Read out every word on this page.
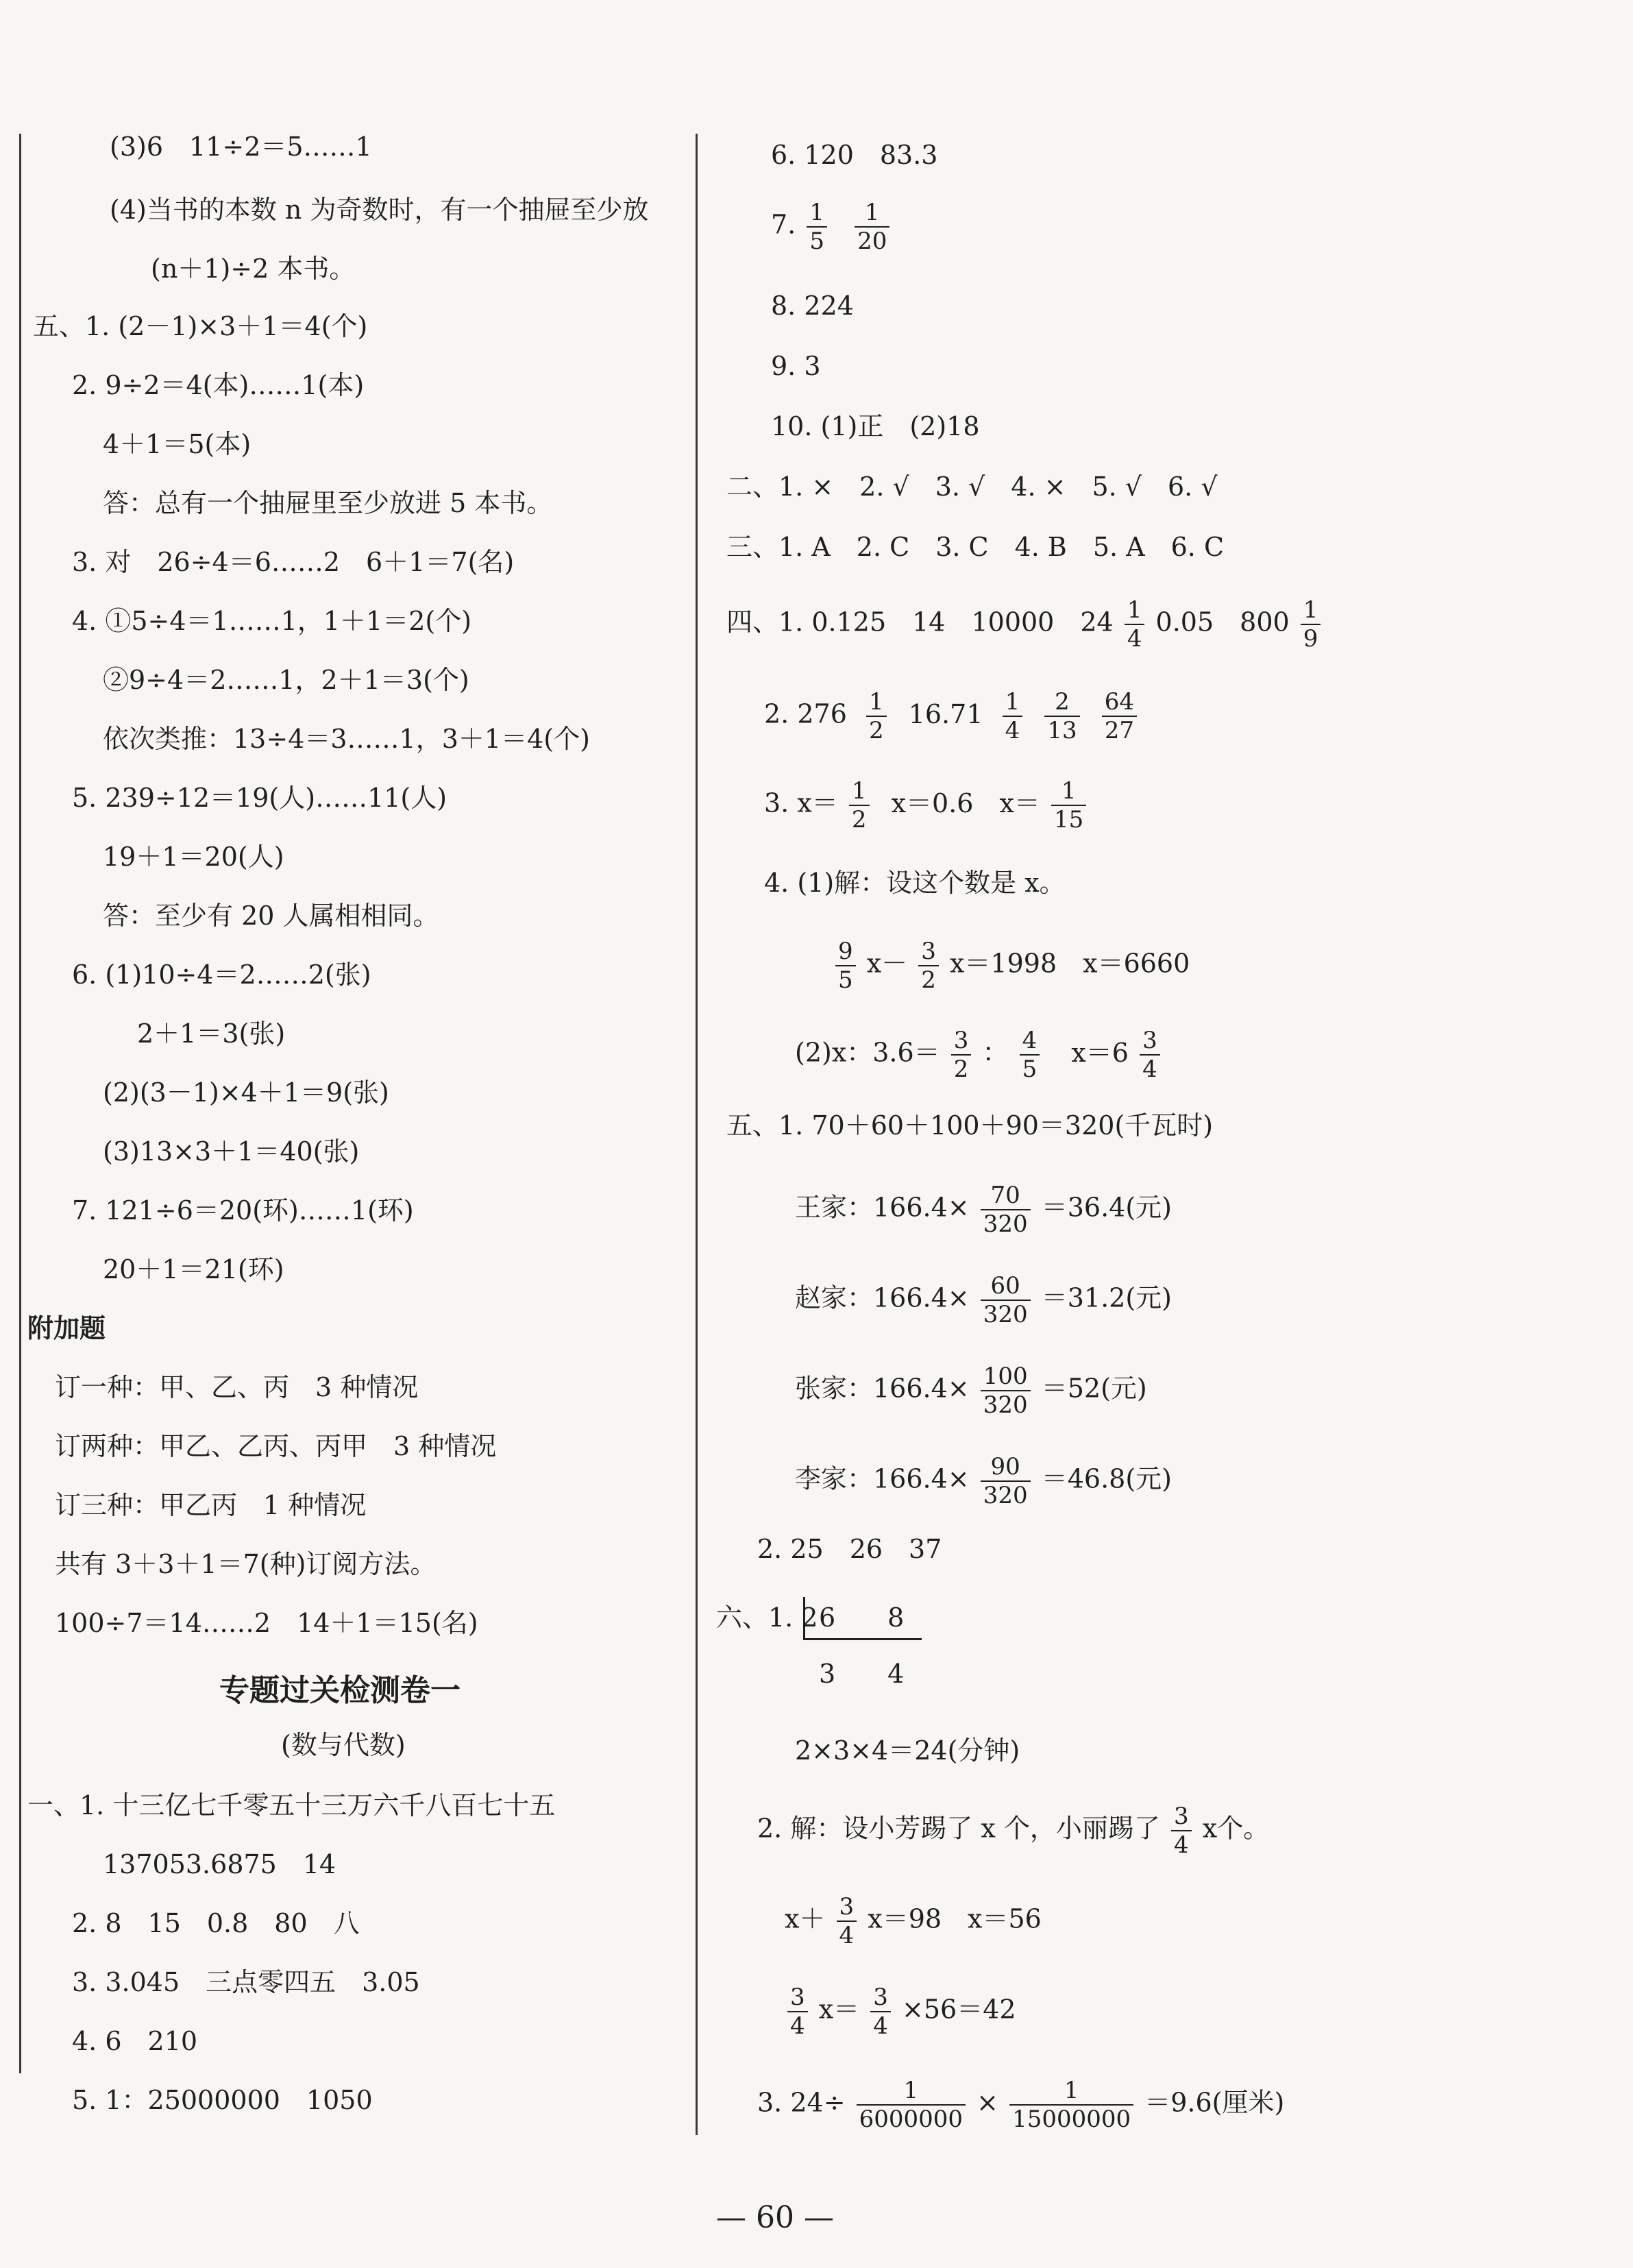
(3)6　11÷2＝5……1
(4)当书的本数 n 为奇数时，有一个抽屉至少放
(n＋1)÷2 本书。
五、1. (2－1)×3＋1＝4(个)
2. 9÷2＝4(本)……1(本)
4＋1＝5(本)
答：总有一个抽屉里至少放进 5 本书。
3. 对　26÷4＝6……2　6＋1＝7(名)
4. ①5÷4＝1……1，1＋1＝2(个)
②9÷4＝2……1，2＋1＝3(个)
依次类推：13÷4＝3……1，3＋1＝4(个)
5. 239÷12＝19(人)……11(人)
19＋1＝20(人)
答：至少有 20 人属相相同。
6. (1)10÷4＝2……2(张)
2＋1＝3(张)
(2)(3－1)×4＋1＝9(张)
(3)13×3＋1＝40(张)
7. 121÷6＝20(环)……1(环)
20＋1＝21(环)
附加题
订一种：甲、乙、丙　3 种情况
订两种：甲乙、乙丙、丙甲　3 种情况
订三种：甲乙丙　1 种情况
共有 3＋3＋1＝7(种)订阅方法。
100÷7＝14……2　14＋1＝15(名)
专题过关检测卷一
(数与代数)
一、1. 十三亿七千零五十三万六千八百七十五
137053.6875　14
2. 8　15　0.8　80　八
3. 3.045　三点零四五　3.05
4. 6　210
5. 1：25000000　1050
6. 120　83.3
7. $\frac{1}{5}$
$\frac{1}{20}$
8. 224
9. 3
10. (1)正　(2)18
二、1. ×　2. √　3. √　4. ×　5. √　6. √
三、1. A　2. C　3. C　4. B　5. A　6. C
四、1. 0.125　14　10000　$24 \frac{1}{4} 0.05$　$800 \frac{1}{9}$
2. $276 \frac{1}{2} 16.71 \frac{1}{4}$
$\frac{2}{13}$
$\frac{64}{27}$
3. $x= \frac{1}{2} x=0.6$　$x= \frac{1}{15}$
4. (1)解：设这个数是 x。
$\frac{9}{5} x- \frac{3}{2} x=1998$　x＝6660
(2)x：$3.6= \frac{3}{2}$ ： $\frac{4}{5} x=6 \frac{3}{4}$
五、1. 70＋60＋100＋90＝320(千瓦时)
王家：$166.4\times \frac{70}{320} =36.4$(元)
赵家：$166.4\times \frac{60}{320} =31.2$(元)
张家：$166.4\times \frac{100}{320} =52$(元)
李家：$166.4\times \frac{90}{320} =46.8$(元)
2. 25　26　37
六、1. 2 6　　8
3　　4
2×3×4＝24(分钟)
2. 解：设小芳踢了 x 个，小丽踢了 $\frac{3}{4}$ x个。
$x+ \frac{3}{4} x=98$　x＝56
$\frac{3}{4} x= \frac{3}{4} \times 56=42$
3. $24\div \frac{1}{6000000} \times \frac{1}{15000000} =9.6$(厘米)
— 60 —
